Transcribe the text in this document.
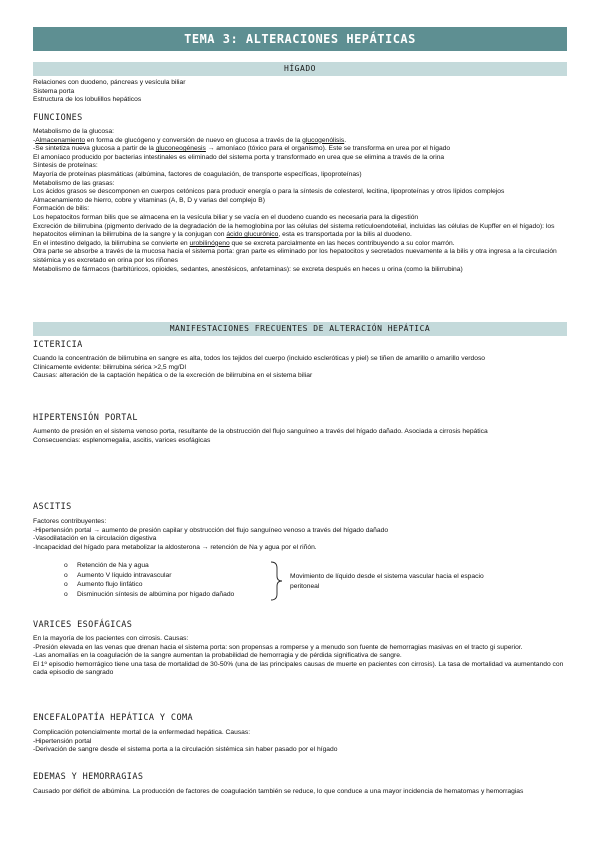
TEMA 3: ALTERACIONES HEPÁTICAS
HÍGADO

Relaciones con duodeno, páncreas y vesícula biliar

Sistema porta

Estructura de los lobulillos hepáticos

FUNCIONES

Metabolismo de la glucosa:

-Almacenamiento en forma de glucógeno y conversión de nuevo en glucosa a través de la glucogenólisis.

-Se sintetiza nueva glucosa a partir de la gluconeogénesis → amoníaco (tóxico para el organismo). Este se transforma en urea por el hígado

El amoníaco producido por bacterias intestinales es eliminado del sistema porta y transformado en urea que se elimina a través de la orina

Síntesis de proteínas:

Mayoría de proteínas plasmáticas (albúmina, factores de coagulación, de transporte específicas, lipoproteínas)

Metabolismo de las grasas:

Los ácidos grasos se descomponen en cuerpos cetónicos para producir energía o para la síntesis de colesterol, lecitina, lipoproteínas y otros lípidos complejos

Almacenamiento de hierro, cobre y vitaminas (A, B, D y varias del complejo B)

Formación de bilis:

Los hepatocitos forman bilis que se almacena en la vesícula biliar y se vacía en el duodeno cuando es necesaria para la digestión

Excreción de bilirrubina (pigmento derivado de la degradación de la hemoglobina por las células del sistema retículoendotelial, incluidas las células de Kupffer en el hígado): los hepatocitos eliminan la bilirrubina de la sangre y la conjugan con ácido glucurónico, esta es transportada por la bilis al duodeno.

En el intestino delgado, la bilirrubina se convierte en urobilinógeno que se excreta parcialmente en las heces contribuyendo a su color marrón.

Otra parte se absorbe a través de la mucosa hacia el sistema porta: gran parte es eliminado por los hepatocitos y secretados nuevamente a la bilis y otra ingresa a la circulación sistémica y es excretado en orina por los riñones

Metabolismo de fármacos (barbitúricos, opioides, sedantes, anestésicos, anfetaminas): se excreta después en heces u orina (como la bilirrubina)

MANIFESTACIONES FRECUENTES DE ALTERACIÓN HEPÁTICA
ICTERICIA

Cuando la concentración de bilirrubina en sangre es alta, todos los tejidos del cuerpo (incluido escleróticas y piel) se tiñen de amarillo o amarillo verdoso

Clínicamente evidente: bilirrubina sérica >2,5 mg/Dl

Causas: alteración de la captación hepática o de la excreción de bilirrubina en el sistema biliar

HIPERTENSIÓN PORTAL

Aumento de presión en el sistema venoso porta, resultante de la obstrucción del flujo sanguíneo a través del hígado dañado. Asociada a cirrosis hepática

Consecuencias: esplenomegalia, ascitis, varices esofágicas

ASCITIS

Factores contribuyentes:

-Hipertensión portal → aumento de presión capilar y obstrucción del flujo sanguíneo venoso a través del hígado dañado

-Vasodilatación en la circulación digestiva

-Incapacidad del hígado para metabolizar la aldosterona → retención de Na y agua por el riñón.

o Retención de Na y agua
o Aumento V líquido intravascular
o Aumento flujo linfático
o Disminución síntesis de albúmina por hígado dañado
Movimiento de líquido desde el sistema vascular hacia el espacio peritoneal
VARICES ESOFÁGICAS

En la mayoría de los pacientes con cirrosis. Causas:

-Presión elevada en las venas que drenan hacia el sistema porta: son propensas a romperse y a menudo son fuente de hemorragias masivas en el tracto gi superior.

-Las anomalías en la coagulación de la sangre aumentan la probabilidad de hemorragia y de pérdida significativa de sangre.

El 1º episodio hemorrágico tiene una tasa de mortalidad de 30-50% (una de las principales causas de muerte en pacientes con cirrosis). La tasa de mortalidad va aumentando con cada episodio de sangrado

ENCEFALOPATÍA HEPÁTICA Y COMA

Complicación potencialmente mortal de la enfermedad hepática. Causas:

-Hipertensión portal

-Derivación de sangre desde el sistema porta a la circulación sistémica sin haber pasado por el hígado

EDEMAS Y HEMORRAGIAS

Causado por déficit de albúmina. La producción de factores de coagulación también se reduce, lo que conduce a una mayor incidencia de hematomas y hemorragias
